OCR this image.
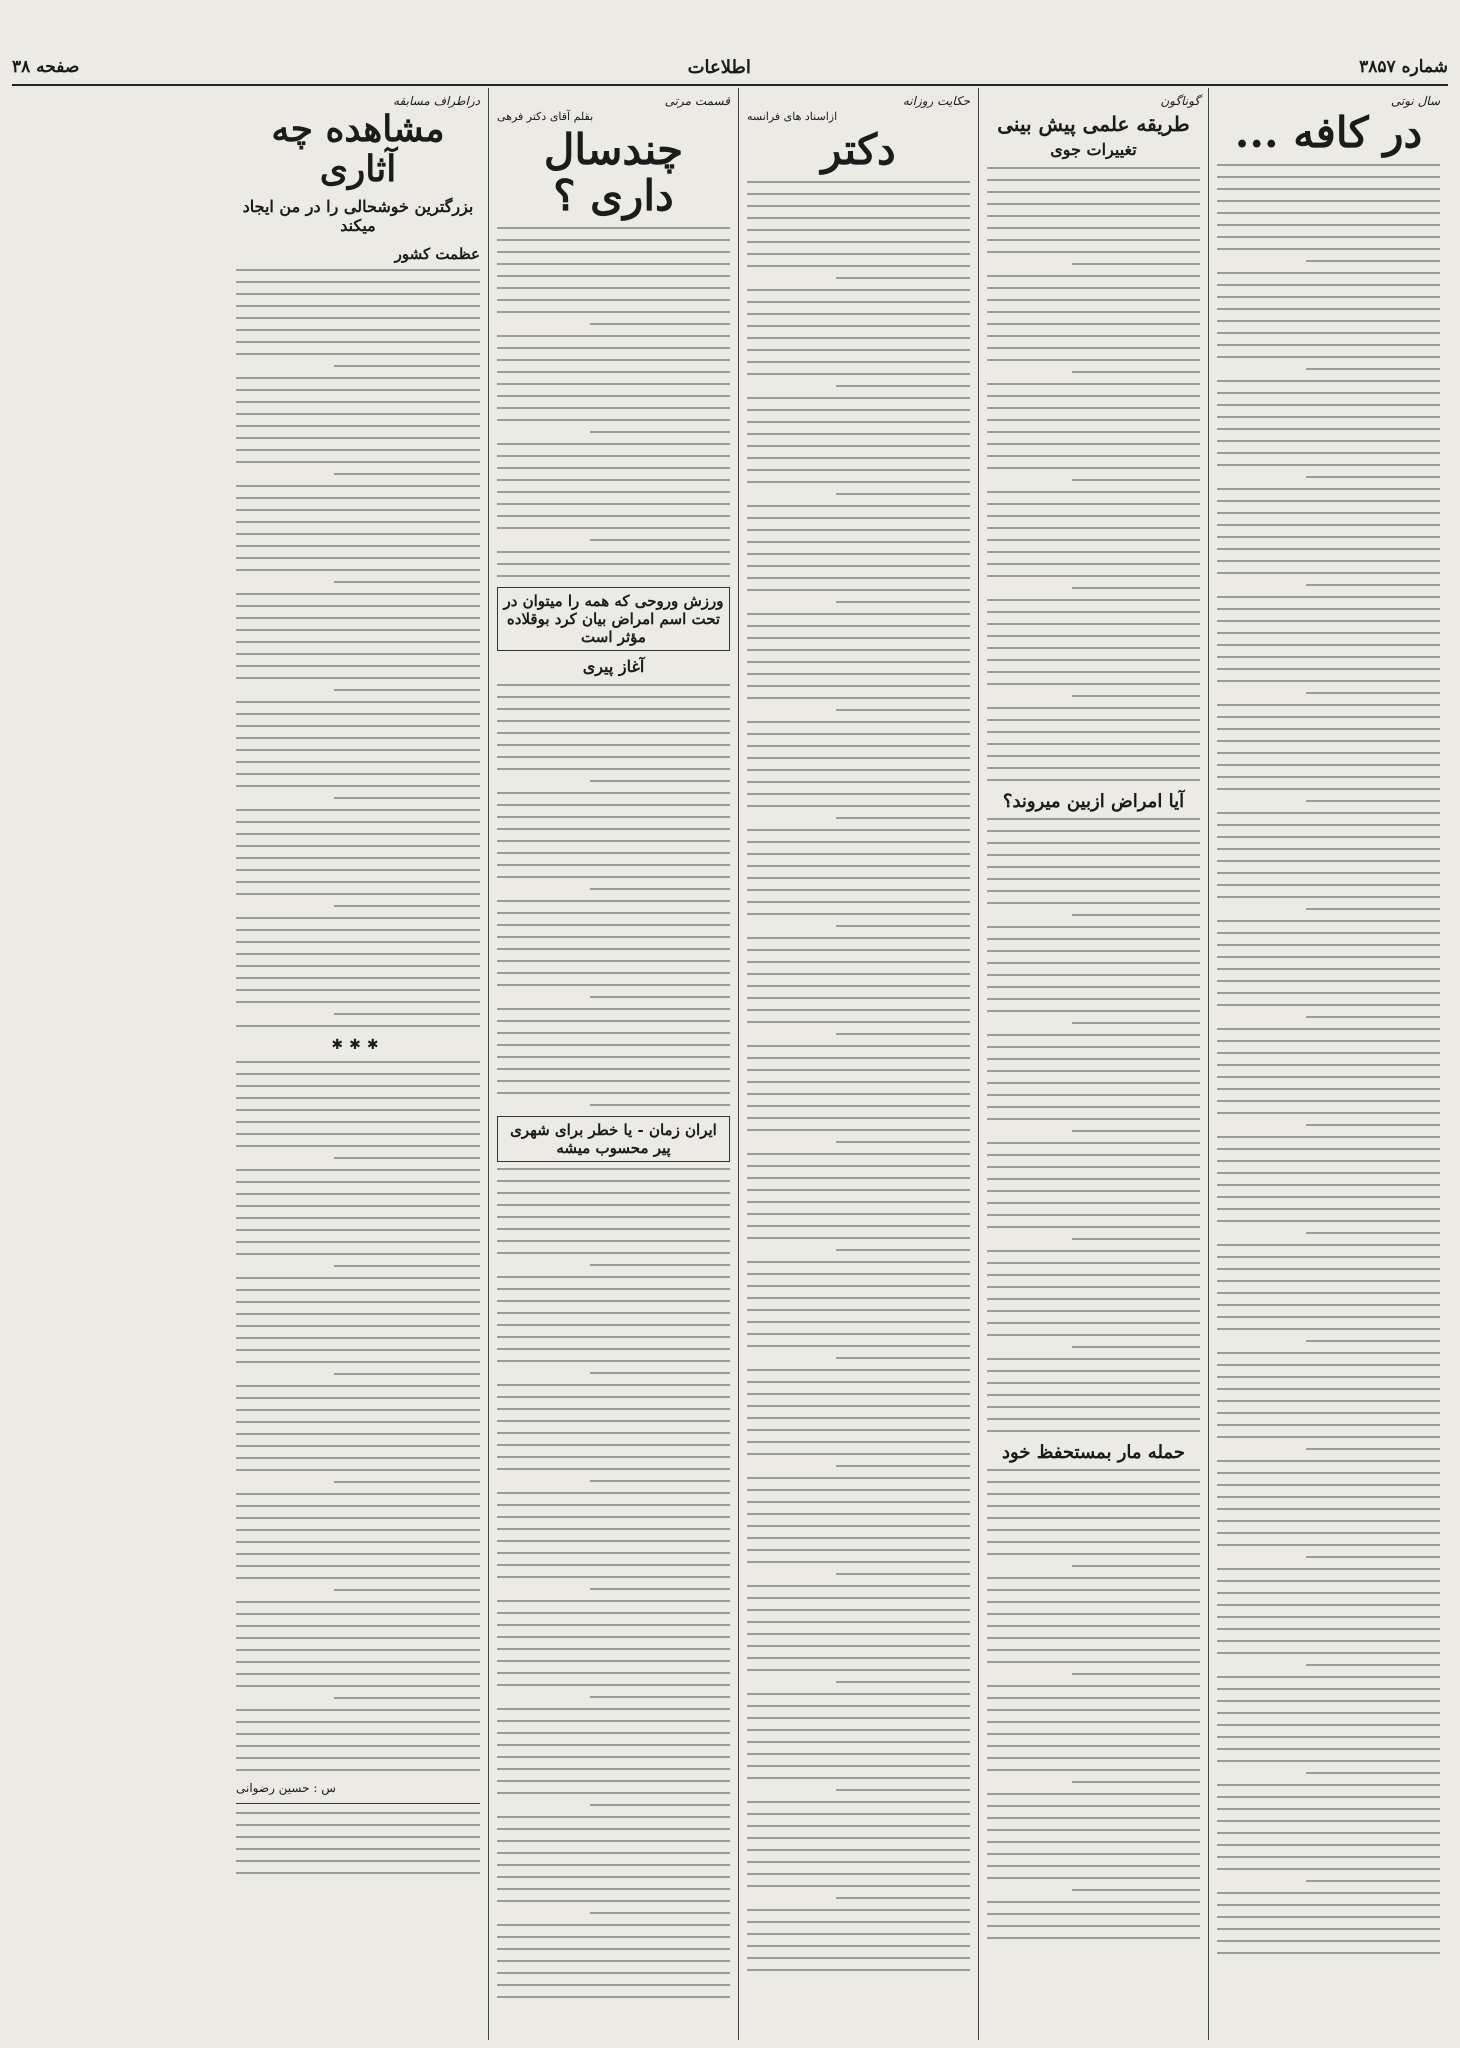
صفحه ۳۸	اطلاعات	شماره ۳۸۵۷
سال نوتی
در کافه ...
گوناگون
طریقه علمی پیش بینی
تغییرات جوی
آیا امراض ازبین میروند؟
حمله مار بمستحفظ خود
حکایت روزانه
ازاسناد های فرانسه
دکتر
قسمت مرتی
بقلم آقای دکتر فرهی
چندسال داری ؟
ورزش وروحی که همه را میتوان در تحت اسم امراض بیان کرد بوقلاده مؤثر است
آغاز پیری
ایران زمان - یا خطر برای شهری پیر محسوب میشه
دراطراف مسابقه
مشاهده چه آثاری
بزرگترین خوشحالی را در من ایجاد میکند
عظمت کشور
✱✱✱
س : حسین رضوانی
